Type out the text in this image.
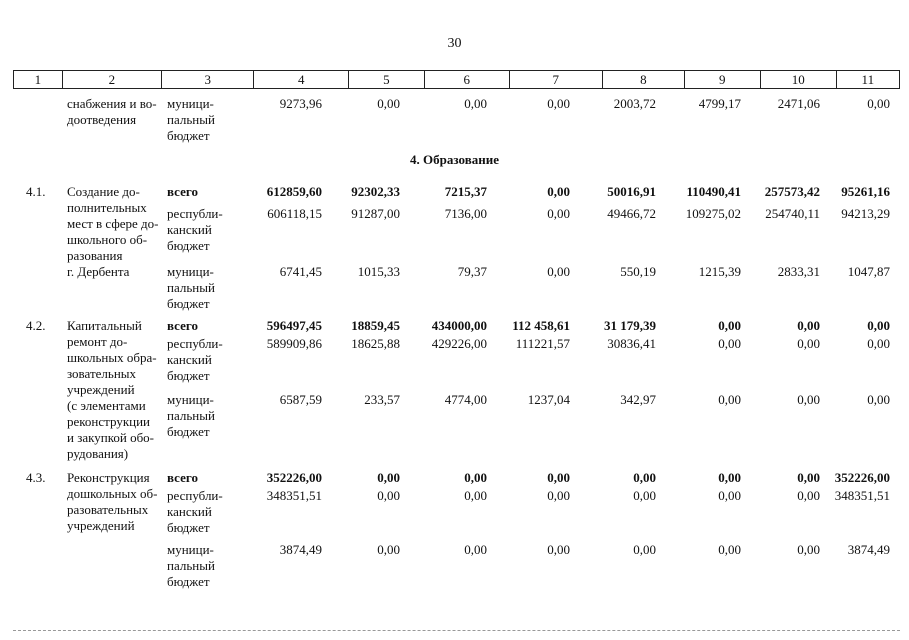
30
1	2	3	4	5	6	7	8	9	10	11
4. Образование
снабжения и во-
доотведения
муници-
пальный
бюджет
9273,96	0,00	0,00	0,00	2003,72	4799,17	2471,06	0,00
4.1. Создание до-
полнительных
мест в сфере до-
школьного об-
разования
г. Дербента
всего	612859,60	92302,33	7215,37	0,00	50016,91	110490,41	257573,42	95261,16
республи-
канский
бюджет
606118,15	91287,00	7136,00	0,00	49466,72	109275,02	254740,11	94213,29
муници-
пальный
бюджет
6741,45	1015,33	79,37	0,00	550,19	1215,39	2833,31	1047,87
4.2. Капитальный
ремонт до-
школьных обра-
зовательных
учреждений
(с элементами
реконструкции
и закупкой обо-
рудования)
всего	596497,45	18859,45	434000,00	112 458,61	31 179,39	0,00	0,00	0,00
республи-
канский
бюджет
589909,86	18625,88	429226,00	111221,57	30836,41	0,00	0,00	0,00
муници-
пальный
бюджет
6587,59	233,57	4774,00	1237,04	342,97	0,00	0,00	0,00
4.3. Реконструкция
дошкольных об-
разовательных
учреждений
всего	352226,00	0,00	0,00	0,00	0,00	0,00	0,00	352226,00
республи-
канский
бюджет
348351,51	0,00	0,00	0,00	0,00	0,00	0,00	348351,51
муници-
пальный
бюджет
3874,49	0,00	0,00	0,00	0,00	0,00	0,00	3874,49
